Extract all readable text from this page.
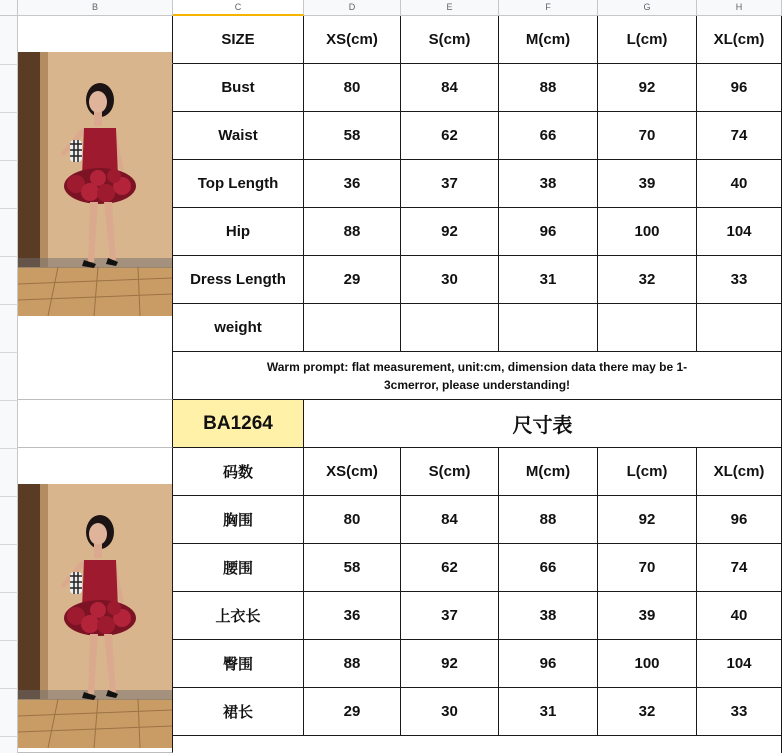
B	C	D	E	F	G	H
SIZE	XS(cm)	S(cm)	M(cm)	L(cm)	XL(cm)
Bust	80	84	88	92	96
Waist	58	62	66	70	74
Top Length	36	37	38	39	40
Hip	88	92	96	100	104
Dress Length	29	30	31	32	33
weight
Warm prompt: flat measurement, unit:cm, dimension data there may be 1-3cmerror, please understanding!
BA1264	尺寸表
码数	XS(cm)	S(cm)	M(cm)	L(cm)	XL(cm)
胸围	80	84	88	92	96
腰围	58	62	66	70	74
上衣长	36	37	38	39	40
臀围	88	92	96	100	104
裙长	29	30	31	32	33
